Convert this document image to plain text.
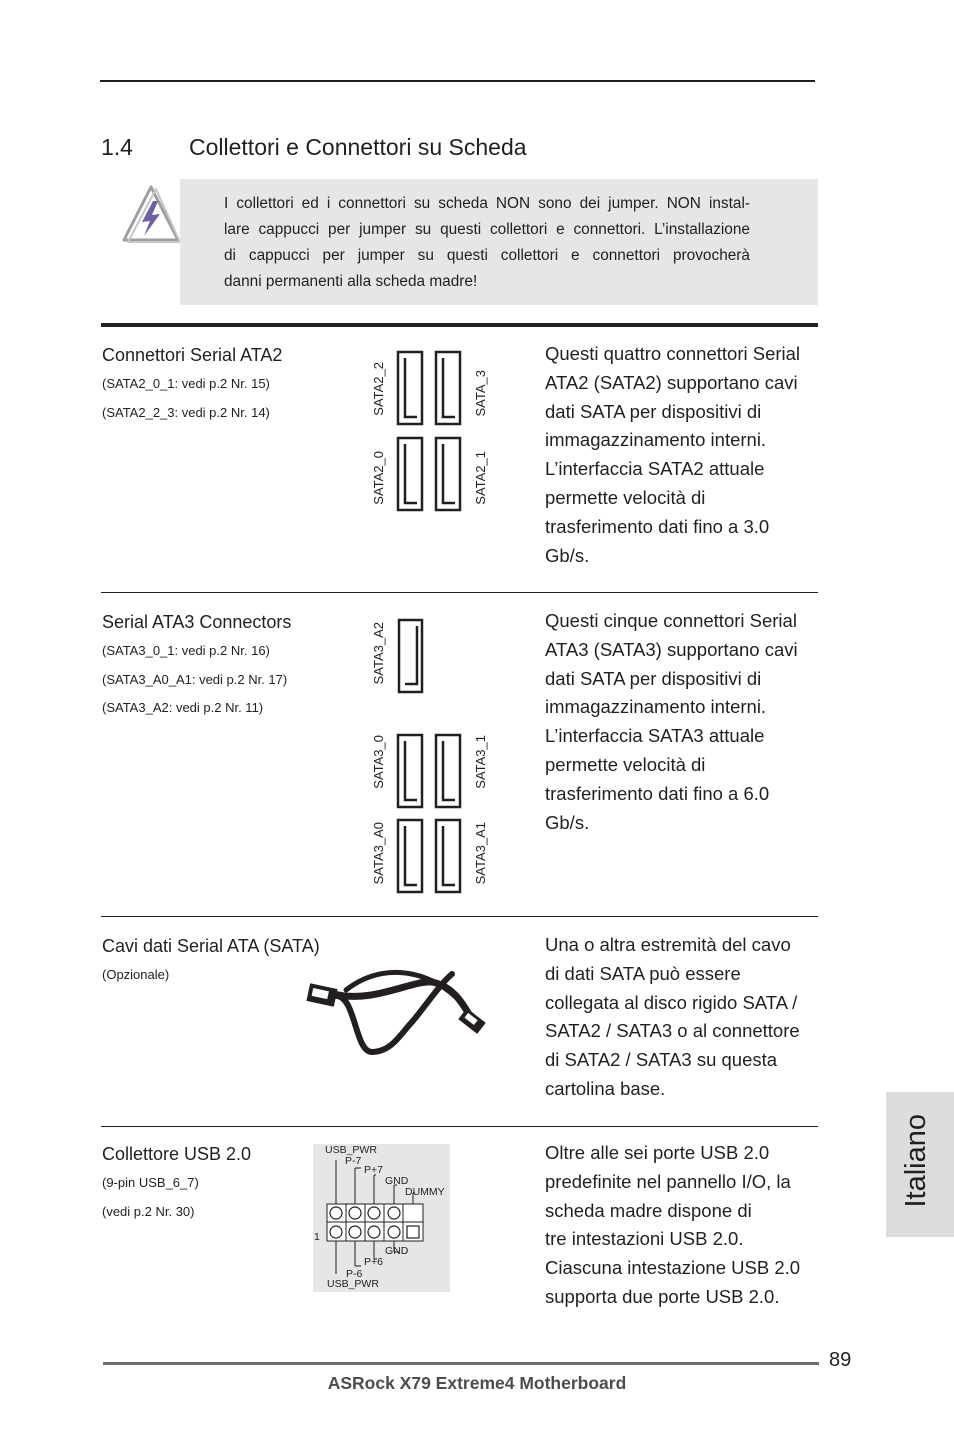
1.4 Collettori e Connettori su Scheda
I collettori ed i connettori su scheda NON sono dei jumper. NON instal-
lare cappucci per jumper su questi collettori e connettori. L’installazione
di cappucci per jumper su questi collettori e connettori provocherà
danni permanenti alla scheda madre!
Connettori Serial ATA2
(SATA2_0_1: vedi p.2 Nr. 15)
(SATA2_2_3: vedi p.2 Nr. 14)	SATA2_2	SATA_3
SATA2_0	SATA2_1
Questi quattro connettori Serial
ATA2 (SATA2) supportano cavi
dati SATA per dispositivi di
immagazzinamento interni.
L’interfaccia SATA2 attuale
permette velocità di
trasferimento dati fino a 3.0
Gb/s.
Serial ATA3 Connectors
(SATA3_0_1: vedi p.2 Nr. 16)
(SATA3_A0_A1: vedi p.2 Nr. 17)
(SATA3_A2: vedi p.2 Nr. 11)
SATA3_A2
SATA3_0	SATA3_1
SATA3_A0	SATA3_A1
Questi cinque connettori Serial
ATA3 (SATA3) supportano cavi
dati SATA per dispositivi di
immagazzinamento interni.
L’interfaccia SATA3 attuale
permette velocità di
trasferimento dati fino a 6.0
Gb/s.
Cavi dati Serial ATA (SATA)
(Opzionale)
Una o altra estremità del cavo
di dati SATA può essere
collegata al disco rigido SATA /
SATA2 / SATA3 o al connettore
di SATA2 / SATA3 su questa
cartolina base.
Collettore USB 2.0
(9-pin USB_6_7)
(vedi p.2 Nr. 30)
USB_PWR
P-7
P+7
GND
DUMMY
1
GND
P+6
P-6
USB_PWR
Oltre alle sei porte USB 2.0
predefinite nel pannello I/O, la
scheda madre dispone di
tre intestazioni USB 2.0.
Ciascuna intestazione USB 2.0
supporta due porte USB 2.0.
Italiano
89
ASRock X79 Extreme4 Motherboard
